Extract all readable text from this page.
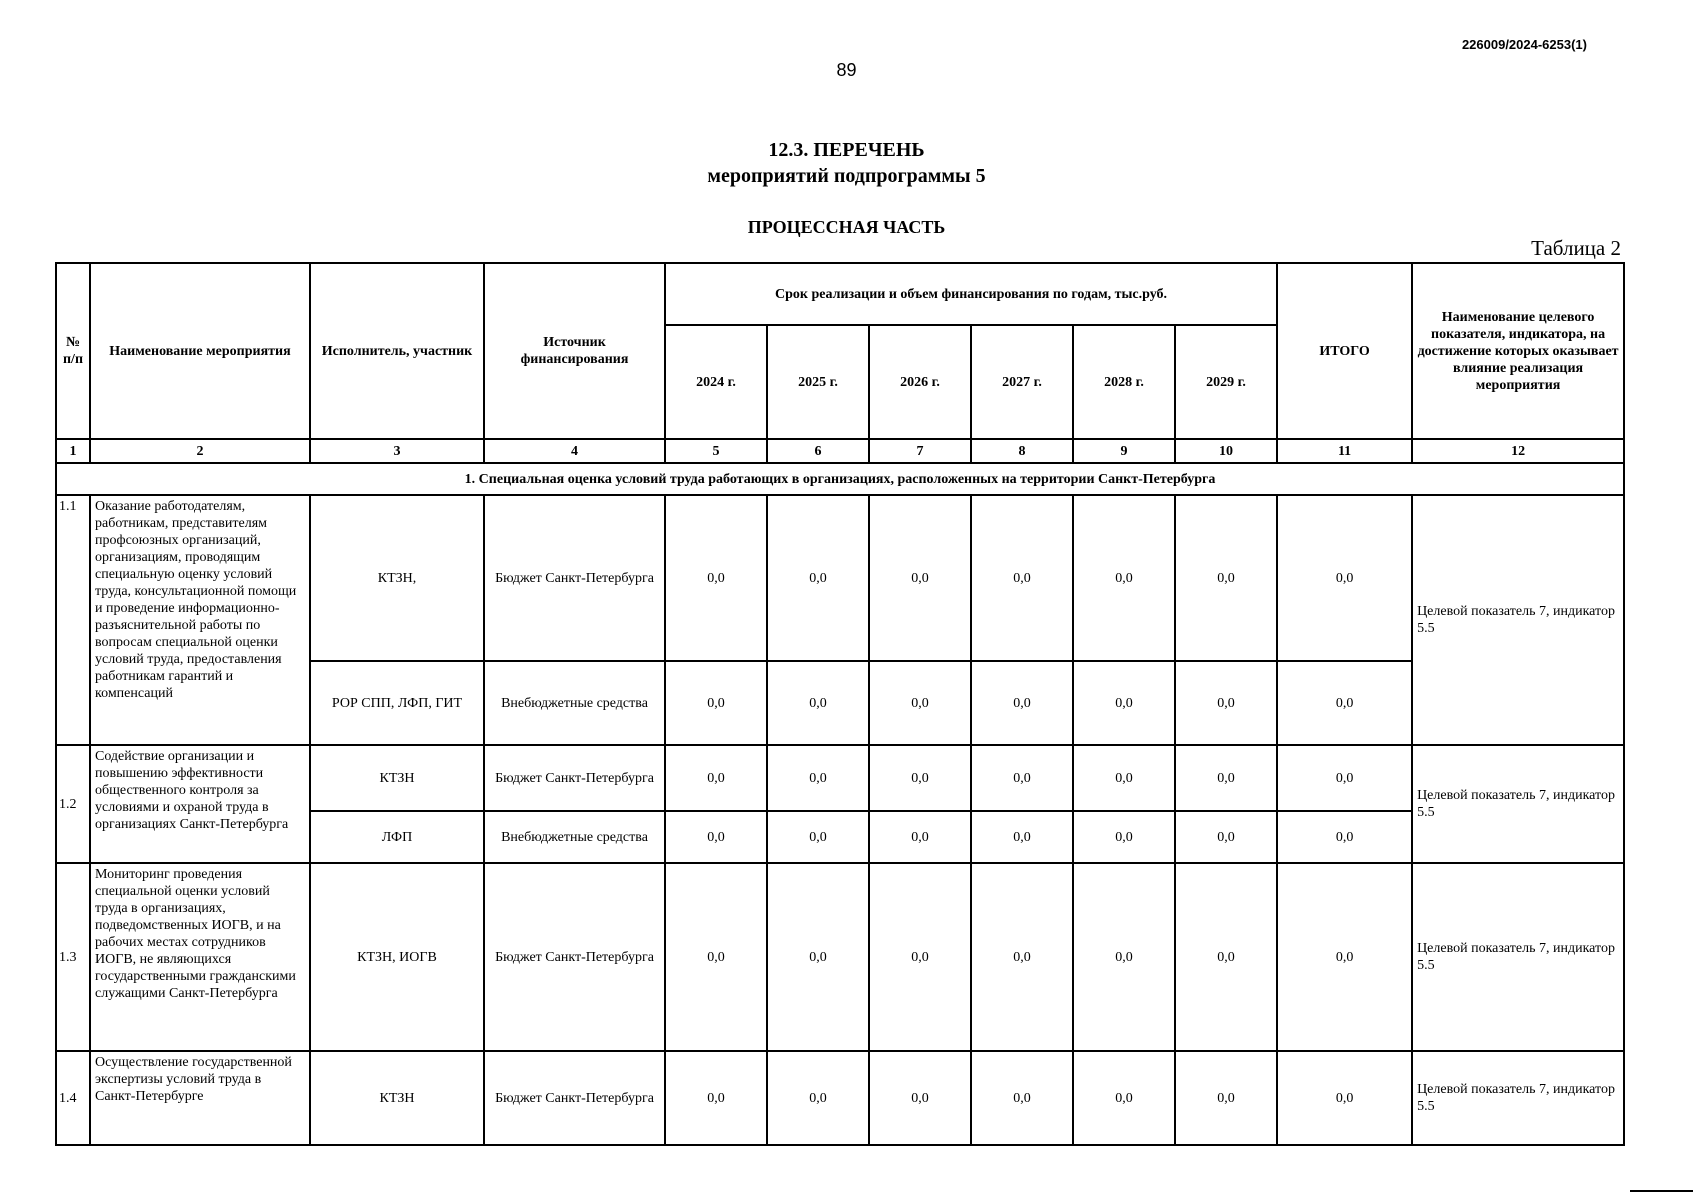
226009/2024-6253(1)
89
12.3. ПЕРЕЧЕНЬ
мероприятий подпрограммы 5
ПРОЦЕССНАЯ ЧАСТЬ
Таблица 2
№ п/п	Наименование мероприятия	Исполнитель, участник	Источник финансирования	Срок реализации и объем финансирования по годам, тыс.руб.						ИТОГО	Наименование целевого показателя, индикатора, на достижение которых оказывает влияние реализация мероприятия
				2024 г.	2025 г.	2026 г.	2027 г.	2028 г.	2029 г.		
1	2	3	4	5	6	7	8	9	10	11	12
1. Специальная оценка условий труда работающих в организациях, расположенных на территории Санкт-Петербурга											
1.1	Оказание работодателям, работникам, представителям профсоюзных организаций, организациям, проводящим специальную оценку условий труда, консультационной помощи и проведение информационно-разъяснительной работы по вопросам специальной оценки условий труда, предоставления работникам гарантий и компенсаций	КТЗН,	Бюджет Санкт-Петербурга	0,0	0,0	0,0	0,0	0,0	0,0	0,0	Целевой показатель 7, индикатор 5.5
		РОР СПП, ЛФП, ГИТ	Внебюджетные средства	0,0	0,0	0,0	0,0	0,0	0,0	0,0	
1.2	Содействие организации и повышению эффективности общественного контроля за условиями и охраной труда в организациях Санкт-Петербурга	КТЗН	Бюджет Санкт-Петербурга	0,0	0,0	0,0	0,0	0,0	0,0	0,0	Целевой показатель 7, индикатор 5.5
		ЛФП	Внебюджетные средства	0,0	0,0	0,0	0,0	0,0	0,0	0,0	
1.3	Мониторинг проведения специальной оценки условий труда в организациях, подведомственных ИОГВ, и на рабочих местах сотрудников ИОГВ, не являющихся государственными гражданскими служащими Санкт-Петербурга	КТЗН, ИОГВ	Бюджет Санкт-Петербурга	0,0	0,0	0,0	0,0	0,0	0,0	0,0	Целевой показатель 7, индикатор 5.5
1.4	Осуществление государственной экспертизы условий труда в Санкт-Петербурге	КТЗН	Бюджет Санкт-Петербурга	0,0	0,0	0,0	0,0	0,0	0,0	0,0	Целевой показатель 7, индикатор 5.5
